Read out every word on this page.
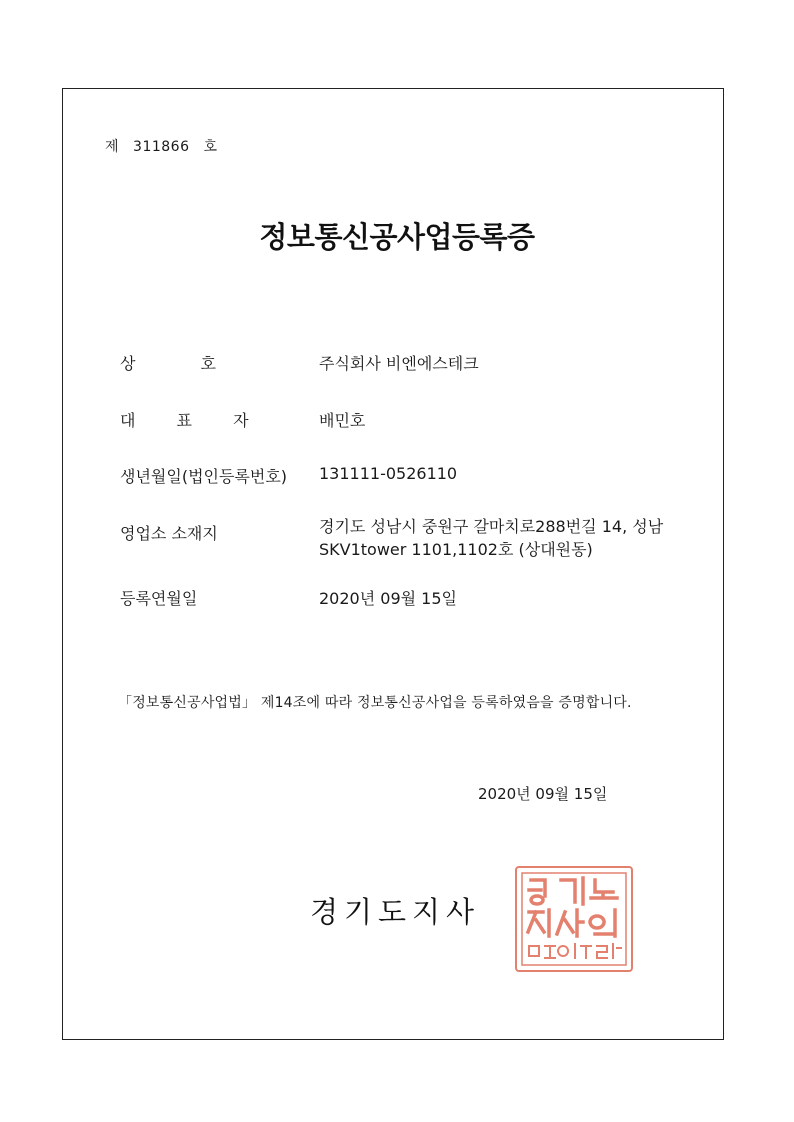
제 311866 호
정보통신공사업등록증
상 호	주식회사 비엔에스테크
대 표 자	배민호
생년월일(법인등록번호) 131111-0526110
영업소 소재지	경기도 성남시 중원구 갈마치로288번길 14, 성남SKV1tower 1101,1102호 (상대원동)
등록연월일	2020년 09월 15일
「정보통신공사업법」 제14조에 따라 정보통신공사업을 등록하였음을 증명합니다.
2020년 09월 15일
경기도지사
